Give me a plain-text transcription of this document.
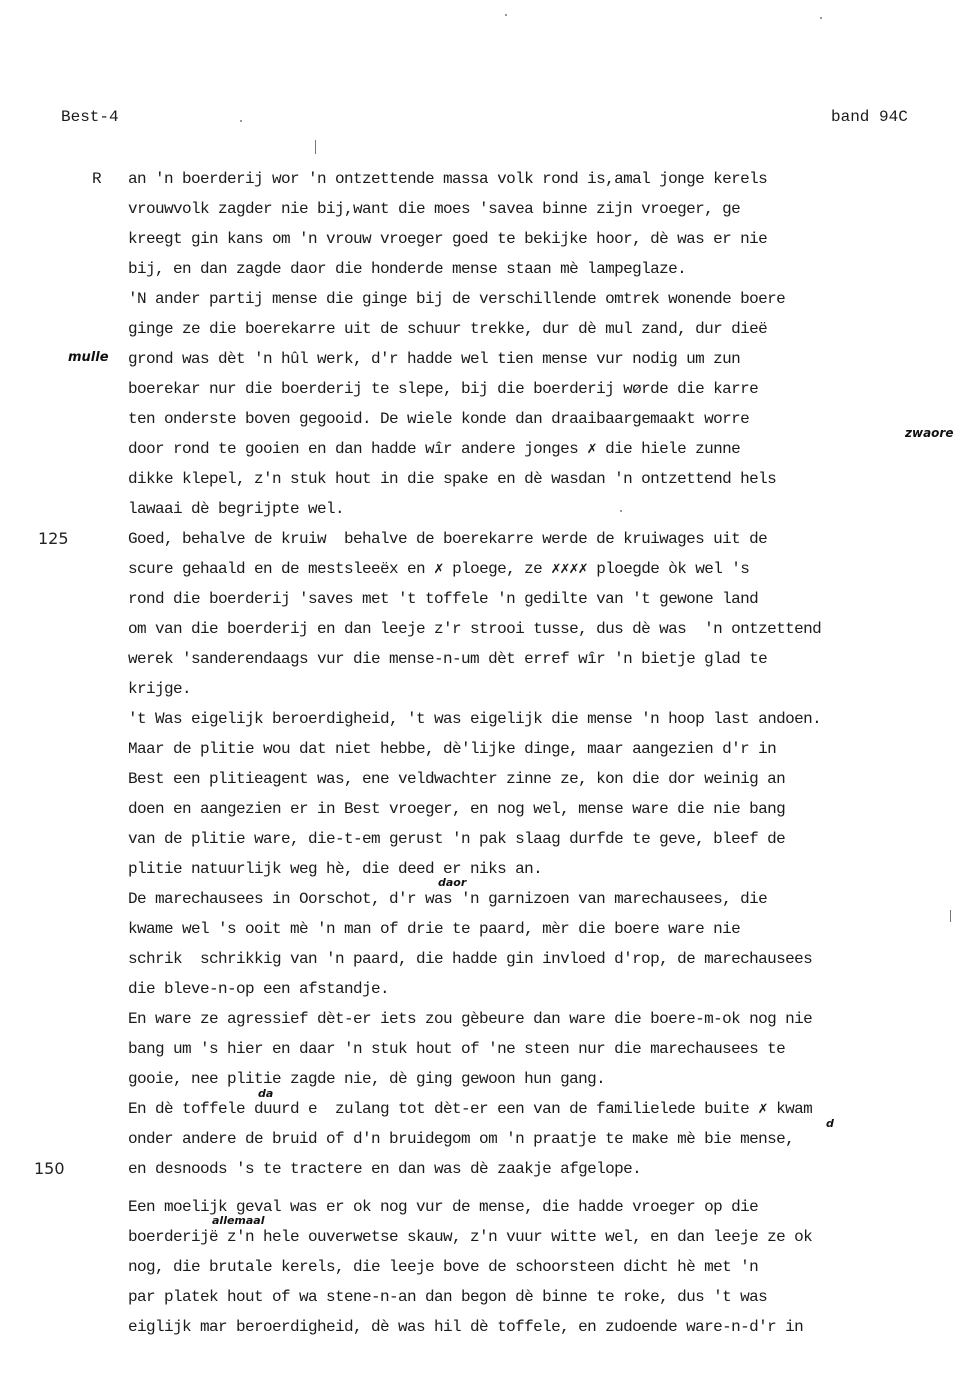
Best-4	band 94C
R
125
150
mulle
zwaore
daor
da
d
allemaal
an 'n boerderij wor 'n ontzettende massa volk rond is,amal jonge kerels
vrouwvolk zagder nie bij,want die moes 'savea binne zijn vroeger, ge
kreegt gin kans om 'n vrouw vroeger goed te bekijke hoor, dè was er nie
bij, en dan zagde daor die honderde mense staan mè lampeglaze.
'N ander partij mense die ginge bij de verschillende omtrek wonende boere
ginge ze die boerekarre uit de schuur trekke, dur dè mul zand, dur dieë
grond was dèt 'n hûl werk, d'r hadde wel tien mense vur nodig um zun
boerekar nur die boerderij te slepe, bij die boerderij wørde die karre
ten onderste boven gegooid. De wiele konde dan draaibaargemaakt worre
door rond te gooien en dan hadde wîr andere jonges ✗ die hiele zunne
dikke klepel, z'n stuk hout in die spake en dè wasdan 'n ontzettend hels
lawaai dè begrijpte wel.
Goed, behalve de kruiw  behalve de boerekarre werde de kruiwages uit de
scure gehaald en de mestsleeëx en ✗ ploege, ze ✗✗✗✗ ploegde òk wel 's
rond die boerderij 'saves met 't toffele 'n gedilte van 't gewone land
om van die boerderij en dan leeje z'r strooi tusse, dus dè was  'n ontzettend
werek 'sanderendaags vur die mense-n-um dèt erref wîr 'n bietje glad te
krijge.
't Was eigelijk beroerdigheid, 't was eigelijk die mense 'n hoop last andoen.
Maar de plitie wou dat niet hebbe, dè'lijke dinge, maar aangezien d'r in
Best een plitieagent was, ene veldwachter zinne ze, kon die dor weinig an
doen en aangezien er in Best vroeger, en nog wel, mense ware die nie bang
van de plitie ware, die-t-em gerust 'n pak slaag durfde te geve, bleef de
plitie natuurlijk weg hè, die deed er niks an.
De marechausees in Oorschot, d'r was 'n garnizoen van marechausees, die
kwame wel 's ooit mè 'n man of drie te paard, mèr die boere ware nie
schrik  schrikkig van 'n paard, die hadde gin invloed d'rop, de marechausees
die bleve-n-op een afstandje.
En ware ze agressief dèt-er iets zou gèbeure dan ware die boere-m-ok nog nie
bang um 's hier en daar 'n stuk hout of 'ne steen nur die marechausees te
gooie, nee plitie zagde nie, dè ging gewoon hun gang.
En dè toffele duurd e  zulang tot dèt-er een van de familielede buite ✗ kwam
onder andere de bruid of d'n bruidegom om 'n praatje te make mè bie mense,
en desnoods 's te tractere en dan was dè zaakje afgelope.
Een moelijk geval was er ok nog vur de mense, die hadde vroeger op die
boerderijë z'n hele ouverwetse skauw, z'n vuur witte wel, en dan leeje ze ok
nog, die brutale kerels, die leeje bove de schoorsteen dicht hè met 'n
par platek hout of wa stene-n-an dan begon dè binne te roke, dus 't was
eiglijk mar beroerdigheid, dè was hil dè toffele, en zudoende ware-n-d'r in
